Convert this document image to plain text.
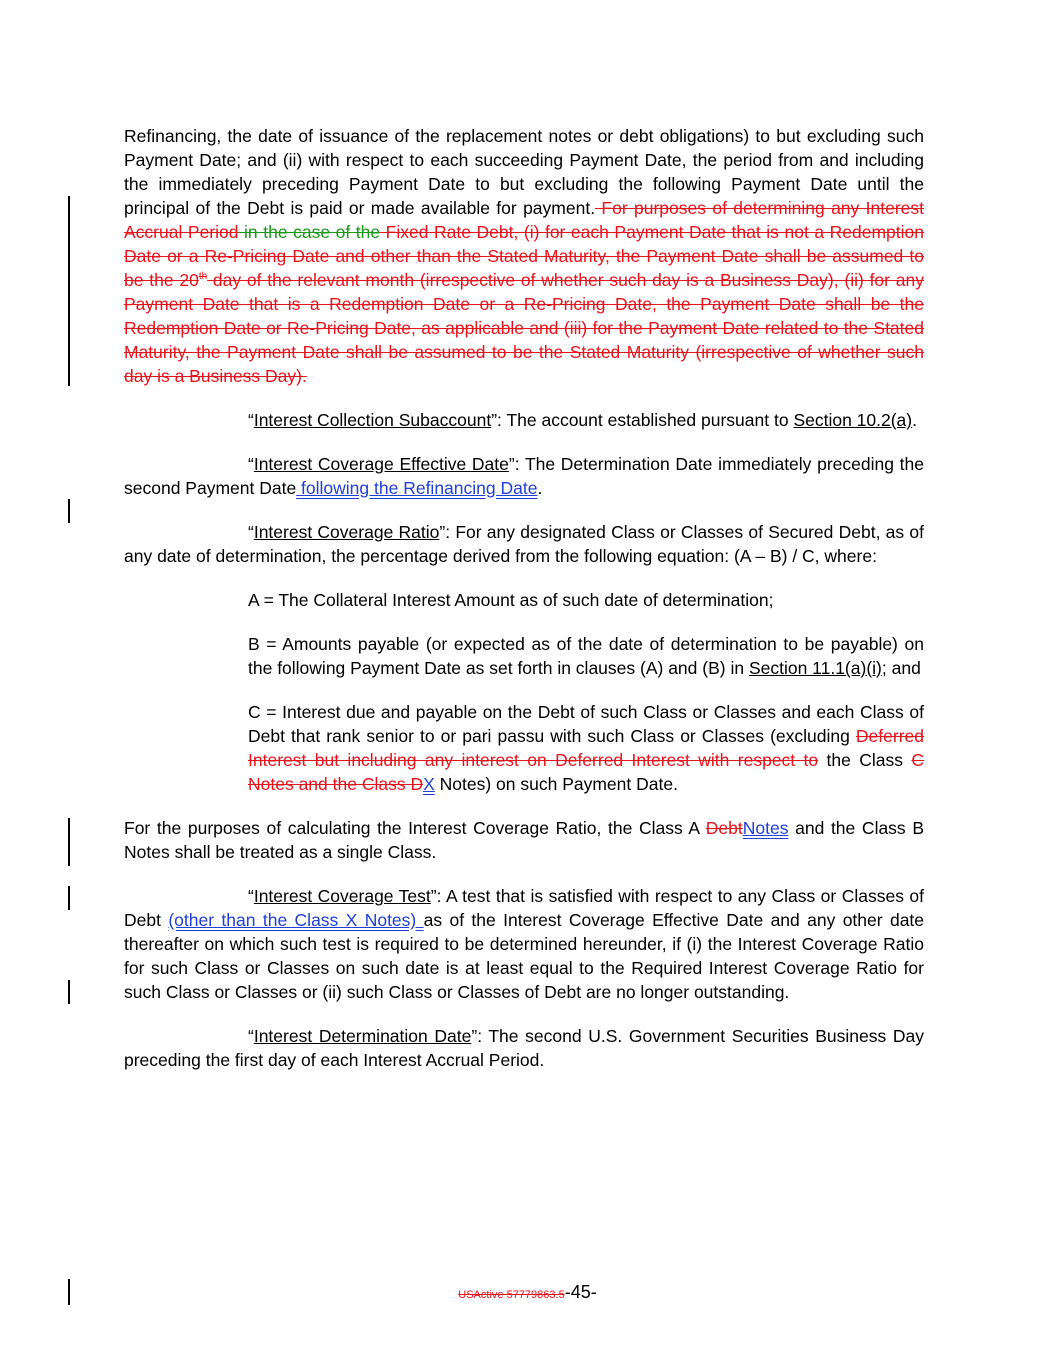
Refinancing, the date of issuance of the replacement notes or debt obligations) to but excluding such Payment Date; and (ii) with respect to each succeeding Payment Date, the period from and including the immediately preceding Payment Date to but excluding the following Payment Date until the principal of the Debt is paid or made available for payment. For purposes of determining any Interest Accrual Period in the case of the Fixed Rate Debt, (i) for each Payment Date that is not a Redemption Date or a Re-Pricing Date and other than the Stated Maturity, the Payment Date shall be assumed to be the 20th day of the relevant month (irrespective of whether such day is a Business Day), (ii) for any Payment Date that is a Redemption Date or a Re-Pricing Date, the Payment Date shall be the Redemption Date or Re-Pricing Date, as applicable and (iii) for the Payment Date related to the Stated Maturity, the Payment Date shall be assumed to be the Stated Maturity (irrespective of whether such day is a Business Day).

“Interest Collection Subaccount”: The account established pursuant to Section 10.2(a).

“Interest Coverage Effective Date”: The Determination Date immediately preceding the second Payment Date following the Refinancing Date.

“Interest Coverage Ratio”: For any designated Class or Classes of Secured Debt, as of any date of determination, the percentage derived from the following equation: (A – B) / C, where:

A = The Collateral Interest Amount as of such date of determination;

B = Amounts payable (or expected as of the date of determination to be payable) on the following Payment Date as set forth in clauses (A) and (B) in Section 11.1(a)(i); and

C = Interest due and payable on the Debt of such Class or Classes and each Class of Debt that rank senior to or pari passu with such Class or Classes (excluding Deferred Interest but including any interest on Deferred Interest with respect to the Class C Notes and the Class DX Notes) on such Payment Date.

For the purposes of calculating the Interest Coverage Ratio, the Class A DebtNotes and the Class B Notes shall be treated as a single Class.

“Interest Coverage Test”: A test that is satisfied with respect to any Class or Classes of Debt (other than the Class X Notes) as of the Interest Coverage Effective Date and any other date thereafter on which such test is required to be determined hereunder, if (i) the Interest Coverage Ratio for such Class or Classes on such date is at least equal to the Required Interest Coverage Ratio for such Class or Classes or (ii) such Class or Classes of Debt are no longer outstanding.

“Interest Determination Date”: The second U.S. Government Securities Business Day preceding the first day of each Interest Accrual Period.

USActive 57779863.5-45-
